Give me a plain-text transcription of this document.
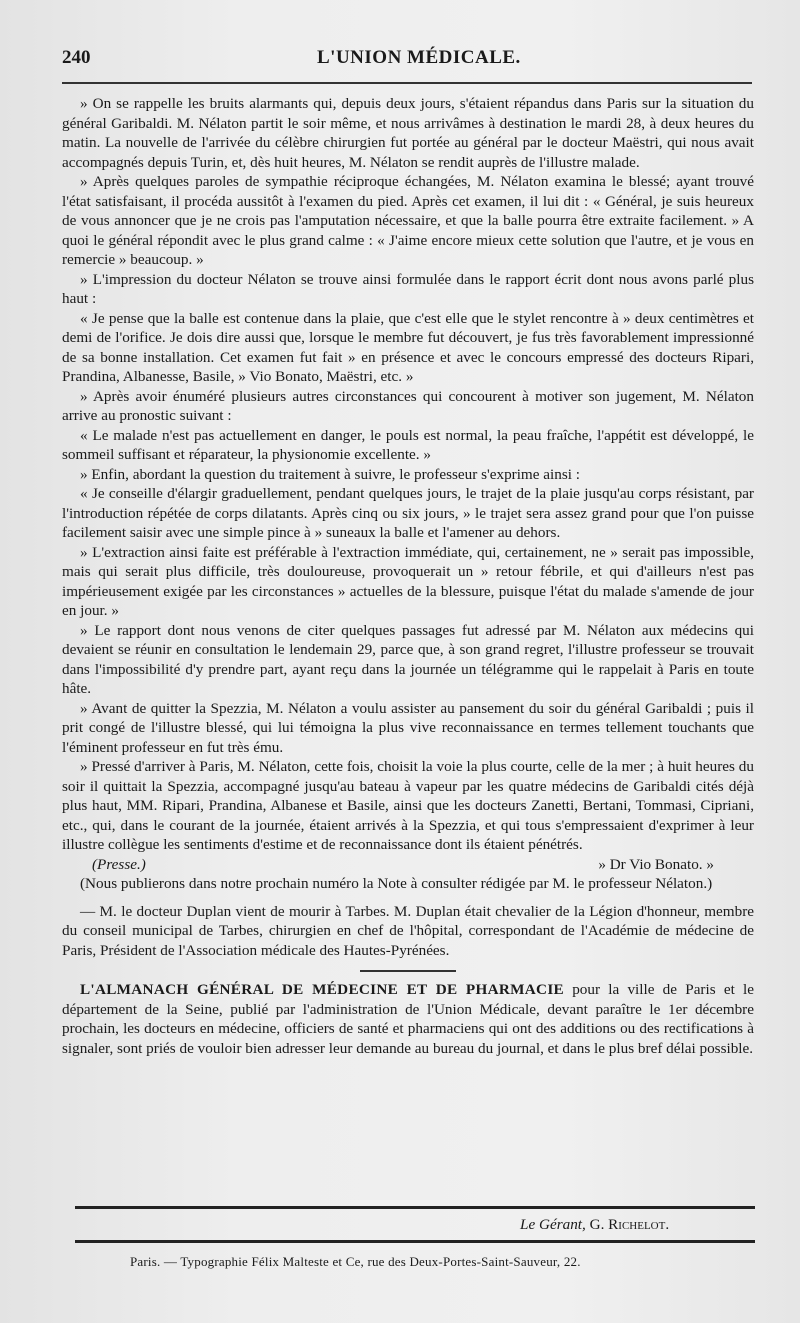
240	L'UNION MÉDICALE.

» On se rappelle les bruits alarmants qui, depuis deux jours, s'étaient répandus dans Paris sur la situation du général Garibaldi. M. Nélaton partit le soir même, et nous arrivâmes à destination le mardi 28, à deux heures du matin. La nouvelle de l'arrivée du célèbre chirurgien fut portée au général par le docteur Maëstri, qui nous avait accompagnés depuis Turin, et, dès huit heures, M. Nélaton se rendit auprès de l'illustre malade.

» Après quelques paroles de sympathie réciproque échangées, M. Nélaton examina le blessé; ayant trouvé l'état satisfaisant, il procéda aussitôt à l'examen du pied. Après cet examen, il lui dit : « Général, je suis heureux de vous annoncer que je ne crois pas l'amputation nécessaire, et que la balle pourra être extraite facilement. » A quoi le général répondit avec le plus grand calme : « J'aime encore mieux cette solution que l'autre, et je vous en remercie » beaucoup. »

» L'impression du docteur Nélaton se trouve ainsi formulée dans le rapport écrit dont nous avons parlé plus haut :

« Je pense que la balle est contenue dans la plaie, que c'est elle que le stylet rencontre à » deux centimètres et demi de l'orifice. Je dois dire aussi que, lorsque le membre fut découvert, je fus très favorablement impressionné de sa bonne installation. Cet examen fut fait » en présence et avec le concours empressé des docteurs Ripari, Prandina, Albanesse, Basile, » Vio Bonato, Maëstri, etc. »

» Après avoir énuméré plusieurs autres circonstances qui concourent à motiver son jugement, M. Nélaton arrive au pronostic suivant :

« Le malade n'est pas actuellement en danger, le pouls est normal, la peau fraîche, l'appétit est développé, le sommeil suffisant et réparateur, la physionomie excellente. »

» Enfin, abordant la question du traitement à suivre, le professeur s'exprime ainsi :

« Je conseille d'élargir graduellement, pendant quelques jours, le trajet de la plaie jusqu'au corps résistant, par l'introduction répétée de corps dilatants. Après cinq ou six jours, » le trajet sera assez grand pour que l'on puisse facilement saisir avec une simple pince à » suneaux la balle et l'amener au dehors.

» L'extraction ainsi faite est préférable à l'extraction immédiate, qui, certainement, ne » serait pas impossible, mais qui serait plus difficile, très douloureuse, provoquerait un » retour fébrile, et qui d'ailleurs n'est pas impérieusement exigée par les circonstances » actuelles de la blessure, puisque l'état du malade s'amende de jour en jour. »

» Le rapport dont nous venons de citer quelques passages fut adressé par M. Nélaton aux médecins qui devaient se réunir en consultation le lendemain 29, parce que, à son grand regret, l'illustre professeur se trouvait dans l'impossibilité d'y prendre part, ayant reçu dans la journée un télégramme qui le rappelait à Paris en toute hâte.

» Avant de quitter la Spezzia, M. Nélaton a voulu assister au pansement du soir du général Garibaldi ; puis il prit congé de l'illustre blessé, qui lui témoigna la plus vive reconnaissance en termes tellement touchants que l'éminent professeur en fut très ému.

» Pressé d'arriver à Paris, M. Nélaton, cette fois, choisit la voie la plus courte, celle de la mer ; à huit heures du soir il quittait la Spezzia, accompagné jusqu'au bateau à vapeur par les quatre médecins de Garibaldi cités déjà plus haut, MM. Ripari, Prandina, Albanese et Basile, ainsi que les docteurs Zanetti, Bertani, Tommasi, Cipriani, etc., qui, dans le courant de la journée, étaient arrivés à la Spezzia, et qui tous s'empressaient d'exprimer à leur illustre collègue les sentiments d'estime et de reconnaissance dont ils étaient pénétrés.

(Presse.)	» Dr Vio Bonato. »

(Nous publierons dans notre prochain numéro la Note à consulter rédigée par M. le professeur Nélaton.)

— M. le docteur Duplan vient de mourir à Tarbes. M. Duplan était chevalier de la Légion d'honneur, membre du conseil municipal de Tarbes, chirurgien en chef de l'hôpital, correspondant de l'Académie de médecine de Paris, Président de l'Association médicale des Hautes-Pyrénées.

L'ALMANACH GÉNÉRAL DE MÉDECINE ET DE PHARMACIE pour la ville de Paris et le département de la Seine, publié par l'administration de l'Union Médicale, devant paraître le 1er décembre prochain, les docteurs en médecine, officiers de santé et pharmaciens qui ont des additions ou des rectifications à signaler, sont priés de vouloir bien adresser leur demande au bureau du journal, et dans le plus bref délai possible.

Le Gérant, G. Richelot.
Paris. — Typographie Félix Malteste et Ce, rue des Deux-Portes-Saint-Sauveur, 22.
